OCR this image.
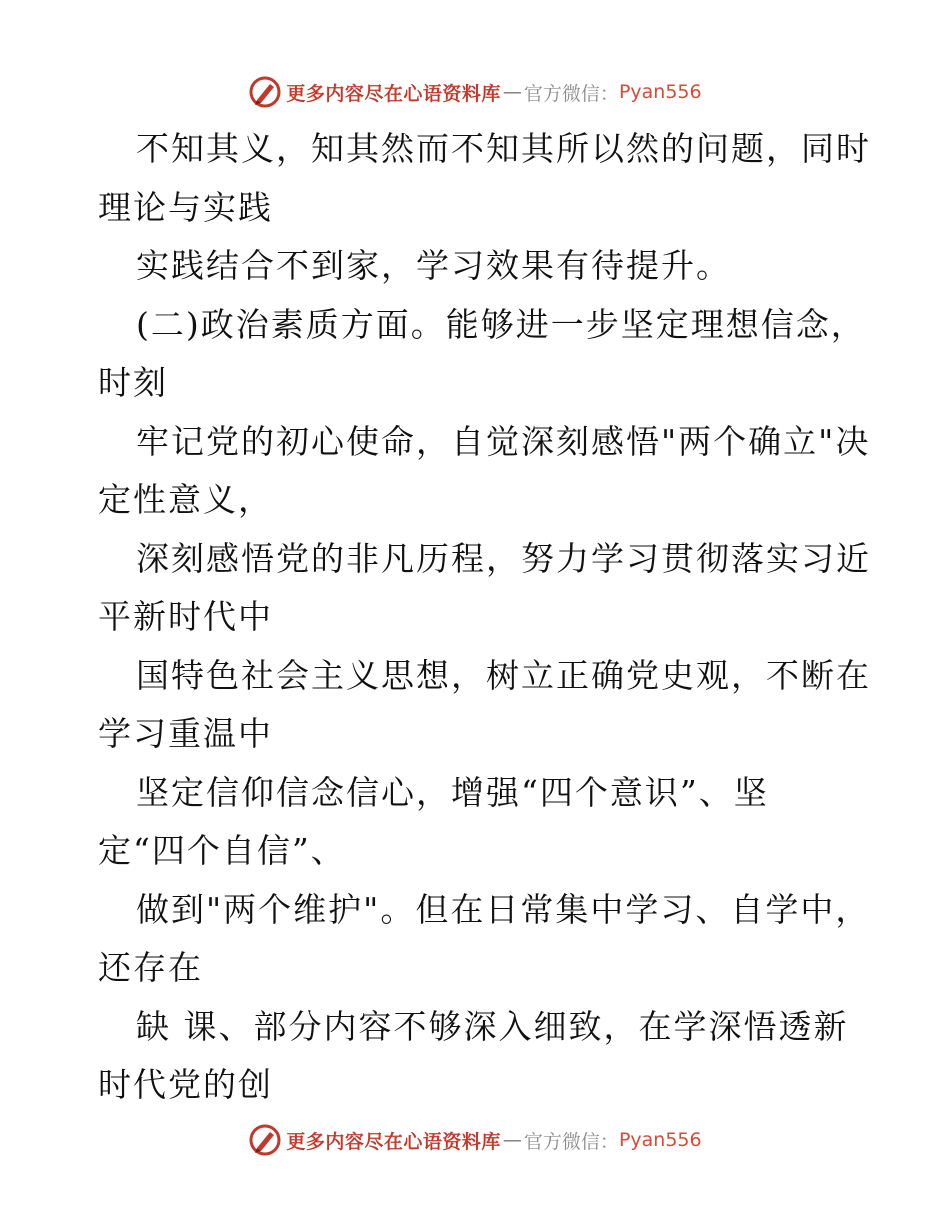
更多内容尽在心语资料库 — 官方微信： Pyan556
不知其义，知其然而不知其所以然的问题，同时
理论与实践
实践结合不到家，学习效果有待提升。
(二)政治素质方面。能够进一步坚定理想信念，
时刻
牢记党的初心使命，自觉深刻感悟"两个确立"决
定性意义，
深刻感悟党的非凡历程，努力学习贯彻落实习近
平新时代中
国特色社会主义思想，树立正确党史观，不断在
学习重温中
坚定信仰信念信心，增强“四个意识”、坚
定“四个自信”、
做到"两个维护"。但在日常集中学习、自学中，
还存在
缺 课、部分内容不够深入细致，在学深悟透新
时代党的创
更多内容尽在心语资料库 — 官方微信： Pyan556
